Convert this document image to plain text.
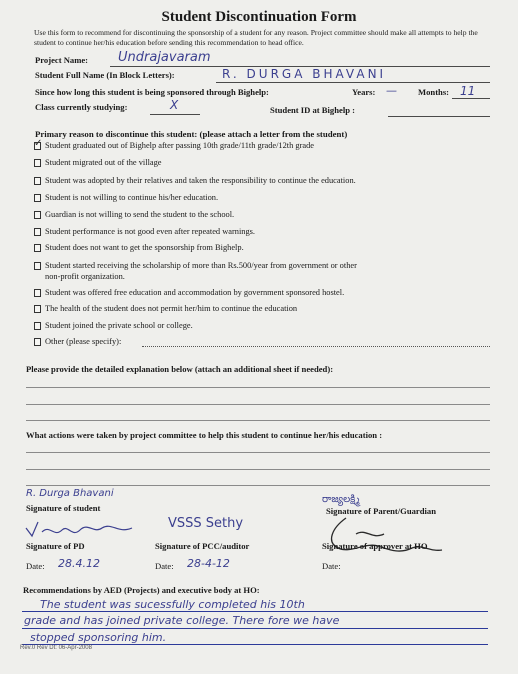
Student Discontinuation Form
Use this form to recommend for discontinuing the sponsorship of a student for any reason. Project committee should make all attempts to help the student to continue her/his education before sending this recommendation to head office.
Project Name: Undrajavaram
Student Full Name (In Block Letters):	R. DURGA BHAVANI
Since how long this student is being sponsored through Bighelp:	Years: — Months: 11
Class currently studying:	X	Student ID at Bighelp :
Primary reason to discontinue this student: (please attach a letter from the student)
✓ Student graduated out of Bighelp after passing 10th grade/11th grade/12th grade
Student migrated out of the village
Student was adopted by their relatives and taken the responsibility to continue the education.
Student is not willing to continue his/her education.
Guardian is not willing to send the student to the school.
Student performance is not good even after repeated warnings.
Student does not want to get the sponsorship from Bighelp.
Student started receiving the scholarship of more than Rs.500/year from government or other
non-profit organization.
Student was offered free education and accommodation by government sponsored hostel.
The health of the student does not permit her/him to continue the education
Student joined the private school or college.
Other (please specify):
Please provide the detailed explanation below (attach an additional sheet if needed):
What actions were taken by project committee to help this student to continue her/his education :
R. Durga Bhavani
Signature of student
రాజ్యలక్ష్మి
Signature of Parent/Guardian
Signature of PD
VSSS Sethy
Signature of PCC/auditor	Signature of approver at HO
Date: 28.4.12	Date: 28-4-12	Date:
Recommendations by AED (Projects) and executive body at HO:
The student was sucessfully completed his 10th
grade and has joined private college. There fore we have
stopped sponsoring him.
Rev.0 Rev Dt: 06-Apr-2008
